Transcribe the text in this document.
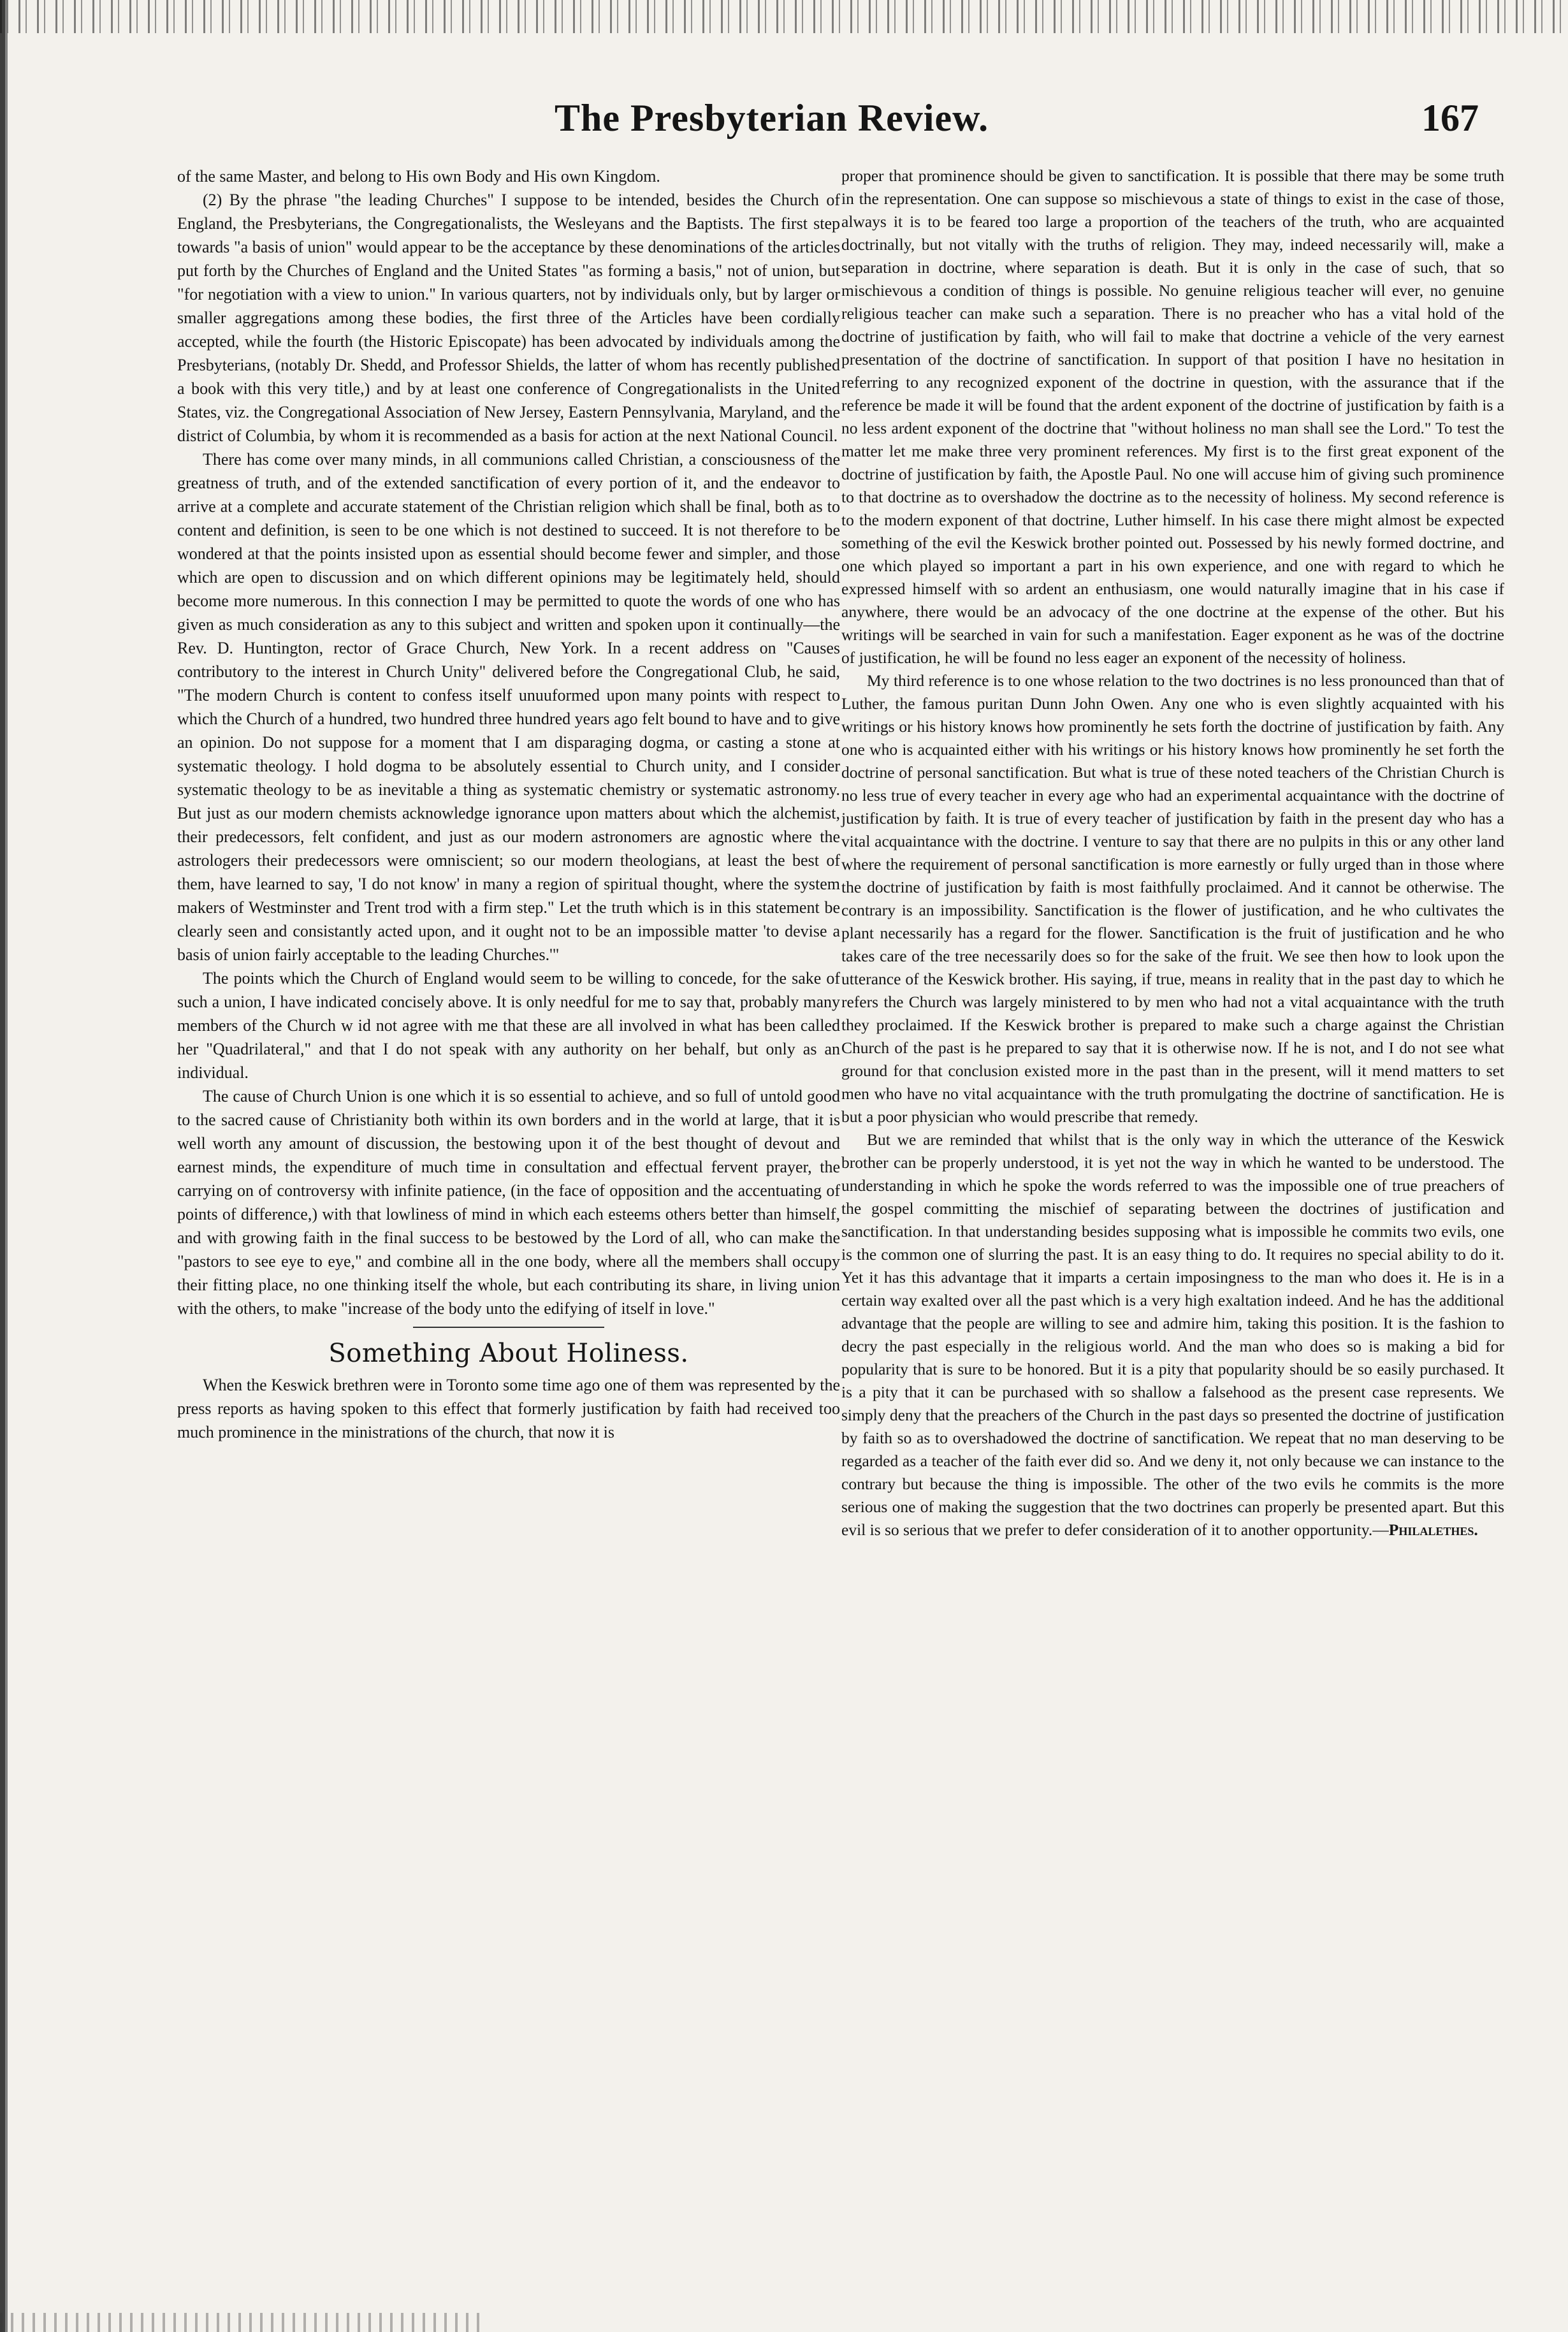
The Presbyterian Review.	167

of the same Master, and belong to His own Body and His own Kingdom.

(2) By the phrase "the leading Churches" I suppose to be intended, besides the Church of England, the Presbyterians, the Congregationalists, the Wesleyans and the Baptists. The first step towards "a basis of union" would appear to be the acceptance by these denominations of the articles put forth by the Churches of England and the United States "as forming a basis," not of union, but "for negotiation with a view to union." In various quarters, not by individuals only, but by larger or smaller aggregations among these bodies, the first three of the Articles have been cordially accepted, while the fourth (the Historic Episcopate) has been advocated by individuals among the Presbyterians, (notably Dr. Shedd, and Professor Shields, the latter of whom has recently published a book with this very title,) and by at least one conference of Congregationalists in the United States, viz. the Congregational Association of New Jersey, Eastern Pennsylvania, Maryland, and the district of Columbia, by whom it is recommended as a basis for action at the next National Council.

There has come over many minds, in all communions called Christian, a consciousness of the greatness of truth, and of the extended sanctification of every portion of it, and the endeavor to arrive at a complete and accurate statement of the Christian religion which shall be final, both as to content and definition, is seen to be one which is not destined to succeed. It is not therefore to be wondered at that the points insisted upon as essential should become fewer and simpler, and those which are open to discussion and on which different opinions may be legitimately held, should become more numerous. In this connection I may be permitted to quote the words of one who has given as much consideration as any to this subject and written and spoken upon it continually—the Rev. D. Huntington, rector of Grace Church, New York. In a recent address on "Causes contributory to the interest in Church Unity" delivered before the Congregational Club, he said, "The modern Church is content to confess itself unuuformed upon many points with respect to which the Church of a hundred, two hundred three hundred years ago felt bound to have and to give an opinion. Do not suppose for a moment that I am disparaging dogma, or casting a stone at systematic theology. I hold dogma to be absolutely essential to Church unity, and I consider systematic theology to be as inevitable a thing as systematic chemistry or systematic astronomy. But just as our modern chemists acknowledge ignorance upon matters about which the alchemist, their predecessors, felt confident, and just as our modern astronomers are agnostic where the astrologers their predecessors were omniscient; so our modern theologians, at least the best of them, have learned to say, 'I do not know' in many a region of spiritual thought, where the system makers of Westminster and Trent trod with a firm step." Let the truth which is in this statement be clearly seen and consistantly acted upon, and it ought not to be an impossible matter 'to devise a basis of union fairly acceptable to the leading Churches.'"

The points which the Church of England would seem to be willing to concede, for the sake of such a union, I have indicated concisely above. It is only needful for me to say that, probably many members of the Church w id not agree with me that these are all involved in what has been called her "Quadrilateral," and that I do not speak with any authority on her behalf, but only as an individual.

The cause of Church Union is one which it is so essential to achieve, and so full of untold good to the sacred cause of Christianity both within its own borders and in the world at large, that it is well worth any amount of discussion, the bestowing upon it of the best thought of devout and earnest minds, the expenditure of much time in consultation and effectual fervent prayer, the carrying on of controversy with infinite patience, (in the face of opposition and the accentuating of points of difference,) with that lowliness of mind in which each esteems others better than himself, and with growing faith in the final success to be bestowed by the Lord of all, who can make the "pastors to see eye to eye," and combine all in the one body, where all the members shall occupy their fitting place, no one thinking itself the whole, but each contributing its share, in living union with the others, to make "increase of the body unto the edifying of itself in love."

Something About Holiness.

When the Keswick brethren were in Toronto some time ago one of them was represented by the press reports as having spoken to this effect that formerly justification by faith had received too much prominence in the ministrations of the church, that now it is

proper that prominence should be given to sanctification. It is possible that there may be some truth in the representation. One can suppose so mischievous a state of things to exist in the case of those, always it is to be feared too large a proportion of the teachers of the truth, who are acquainted doctrinally, but not vitally with the truths of religion. They may, indeed necessarily will, make a separation in doctrine, where separation is death. But it is only in the case of such, that so mischievous a condition of things is possible. No genuine religious teacher will ever, no genuine religious teacher can make such a separation. There is no preacher who has a vital hold of the doctrine of justification by faith, who will fail to make that doctrine a vehicle of the very earnest presentation of the doctrine of sanctification. In support of that position I have no hesitation in referring to any recognized exponent of the doctrine in question, with the assurance that if the reference be made it will be found that the ardent exponent of the doctrine of justification by faith is a no less ardent exponent of the doctrine that "without holiness no man shall see the Lord." To test the matter let me make three very prominent references. My first is to the first great exponent of the doctrine of justification by faith, the Apostle Paul. No one will accuse him of giving such prominence to that doctrine as to overshadow the doctrine as to the necessity of holiness. My second reference is to the modern exponent of that doctrine, Luther himself. In his case there might almost be expected something of the evil the Keswick brother pointed out. Possessed by his newly formed doctrine, and one which played so important a part in his own experience, and one with regard to which he expressed himself with so ardent an enthusiasm, one would naturally imagine that in his case if anywhere, there would be an advocacy of the one doctrine at the expense of the other. But his writings will be searched in vain for such a manifestation. Eager exponent as he was of the doctrine of justification, he will be found no less eager an exponent of the necessity of holiness.

My third reference is to one whose relation to the two doctrines is no less pronounced than that of Luther, the famous puritan Dunn John Owen. Any one who is even slightly acquainted with his writings or his history knows how prominently he sets forth the doctrine of justification by faith. Any one who is acquainted either with his writings or his history knows how prominently he set forth the doctrine of personal sanctification. But what is true of these noted teachers of the Christian Church is no less true of every teacher in every age who had an experimental acquaintance with the doctrine of justification by faith. It is true of every teacher of justification by faith in the present day who has a vital acquaintance with the doctrine. I venture to say that there are no pulpits in this or any other land where the requirement of personal sanctification is more earnestly or fully urged than in those where the doctrine of justification by faith is most faithfully proclaimed. And it cannot be otherwise. The contrary is an impossibility. Sanctification is the flower of justification, and he who cultivates the plant necessarily has a regard for the flower. Sanctification is the fruit of justification and he who takes care of the tree necessarily does so for the sake of the fruit. We see then how to look upon the utterance of the Keswick brother. His saying, if true, means in reality that in the past day to which he refers the Church was largely ministered to by men who had not a vital acquaintance with the truth they proclaimed. If the Keswick brother is prepared to make such a charge against the Christian Church of the past is he prepared to say that it is otherwise now. If he is not, and I do not see what ground for that conclusion existed more in the past than in the present, will it mend matters to set men who have no vital acquaintance with the truth promulgating the doctrine of sanctification. He is but a poor physician who would prescribe that remedy.

But we are reminded that whilst that is the only way in which the utterance of the Keswick brother can be properly understood, it is yet not the way in which he wanted to be understood. The understanding in which he spoke the words referred to was the impossible one of true preachers of the gospel committing the mischief of separating between the doctrines of justification and sanctification. In that understanding besides supposing what is impossible he commits two evils, one is the common one of slurring the past. It is an easy thing to do. It requires no special ability to do it. Yet it has this advantage that it imparts a certain imposingness to the man who does it. He is in a certain way exalted over all the past which is a very high exaltation indeed. And he has the additional advantage that the people are willing to see and admire him, taking this position. It is the fashion to decry the past especially in the religious world. And the man who does so is making a bid for popularity that is sure to be honored. But it is a pity that popularity should be so easily purchased. It is a pity that it can be purchased with so shallow a falsehood as the present case represents. We simply deny that the preachers of the Church in the past days so presented the doctrine of justification by faith so as to overshadowed the doctrine of sanctification. We repeat that no man deserving to be regarded as a teacher of the faith ever did so. And we deny it, not only because we can instance to the contrary but because the thing is impossible. The other of the two evils he commits is the more serious one of making the suggestion that the two doctrines can properly be presented apart. But this evil is so serious that we prefer to defer consideration of it to another opportunity.—Philalethes.
